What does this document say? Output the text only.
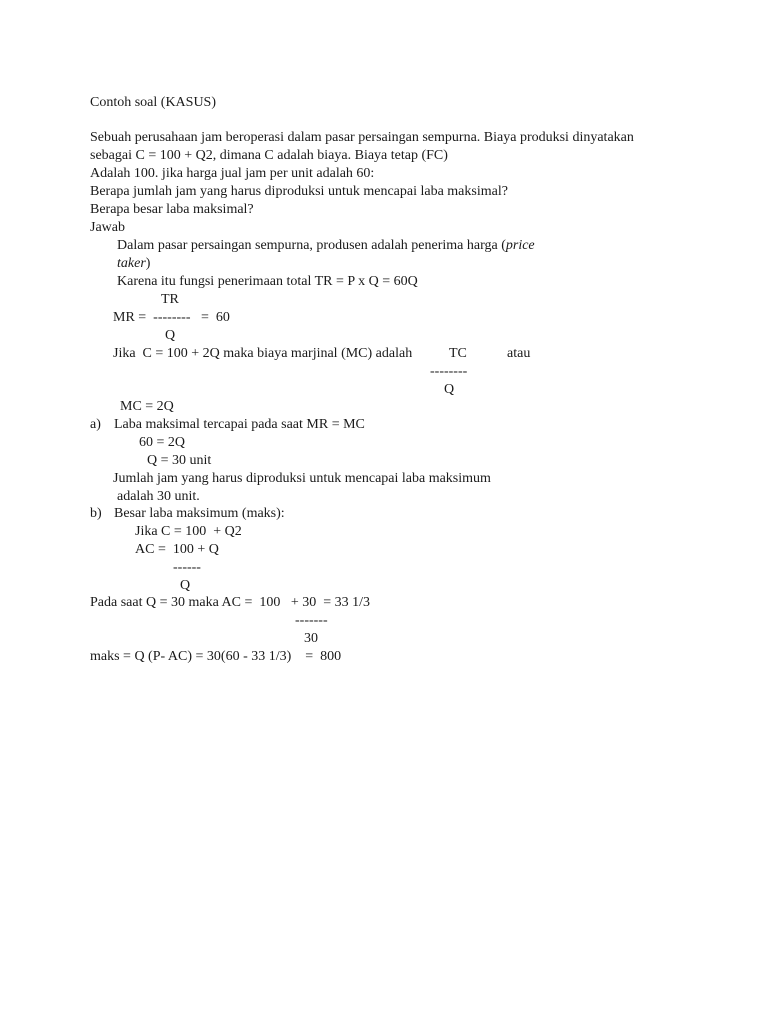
Contoh soal (KASUS)
Sebuah perusahaan jam beroperasi dalam pasar persaingan sempurna. Biaya produksi dinyatakan
sebagai C = 100 + Q2, dimana C adalah biaya. Biaya tetap (FC)
Adalah 100. jika harga jual jam per unit adalah 60:
Berapa jumlah jam yang harus diproduksi untuk mencapai laba maksimal?
Berapa besar laba maksimal?
Jawab
Dalam pasar persaingan sempurna, produsen adalah penerima harga (price
taker)
Karena itu fungsi penerimaan total TR = P x Q = 60Q
TR
MR =  --------   =  60
Q
Jika  C = 100 + 2Q maka biaya marjinal (MC) adalah	TC	atau
--------
Q
MC = 2Q
a) Laba maksimal tercapai pada saat MR = MC
60 = 2Q
Q = 30 unit
Jumlah jam yang harus diproduksi untuk mencapai laba maksimum
adalah 30 unit.
b) Besar laba maksimum (maks):
Jika C = 100  + Q2
AC =  100 + Q
------
Q
Pada saat Q = 30 maka AC =  100   + 30  = 33 1/3
-------
30
maks = Q (P- AC) = 30(60 - 33 1/3)    =  800
